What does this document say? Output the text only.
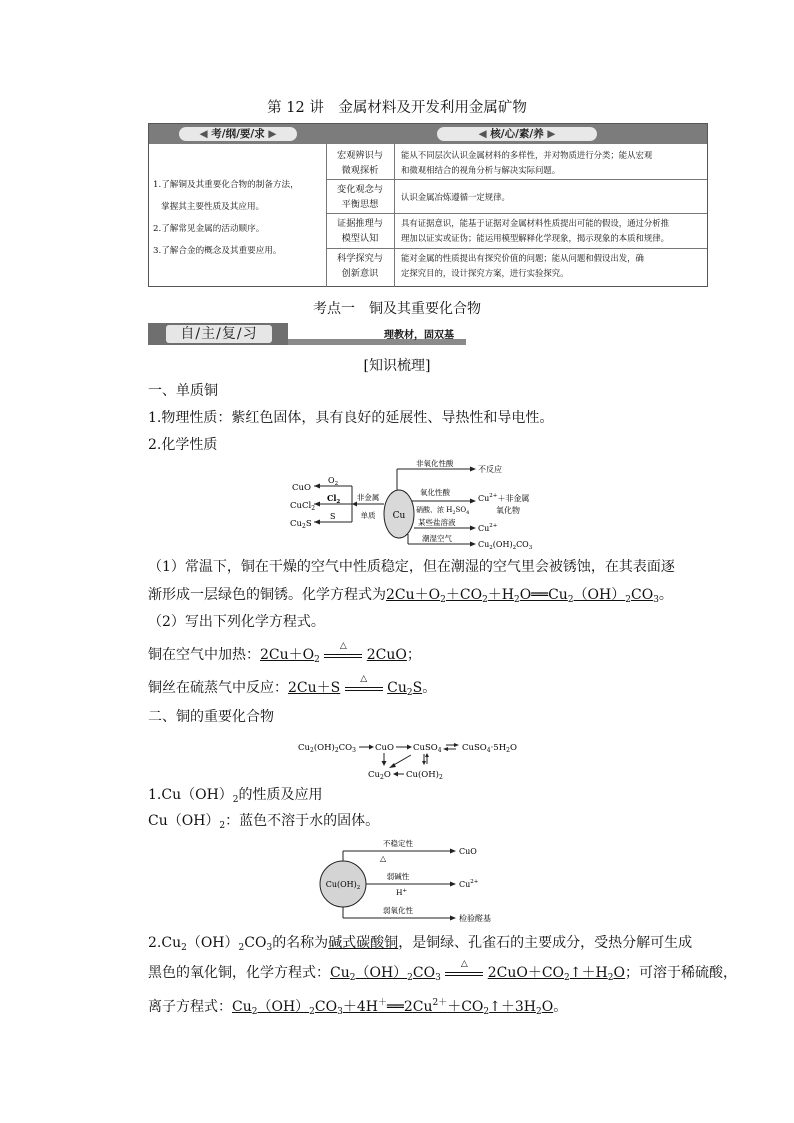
第 12 讲　金属材料及开发利用金属矿物
◀ 考/纲/要/求 ▶	◀ 核/心/素/养 ▶
1.了解铜及其重要化合物的制备方法，
掌握其主要性质及其应用。
2.了解常见金属的活动顺序。
3.了解合金的概念及其重要应用。
宏观辨识与
微观探析
能从不同层次认识金属材料的多样性，并对物质进行分类；能从宏观
和微观相结合的视角分析与解决实际问题。
变化观念与
平衡思想
认识金属冶炼遵循一定规律。
证据推理与
模型认知
具有证据意识，能基于证据对金属材料性质提出可能的假设，通过分析推
理加以证实或证伪；能运用模型解释化学现象，揭示现象的本质和规律。
科学探究与
创新意识
能对金属的性质提出有探究价值的问题；能从问题和假设出发，确
定探究目的，设计探究方案，进行实验探究。
考点一　铜及其重要化合物
自/主/复/习	理教材，固双基
[知识梳理]
一、单质铜
1.物理性质：紫红色固体，具有良好的延展性、导热性和导电性。
2.化学性质
Cu
CuO
CuCl$_2$
$Cu_2S$
$O_2$
$Cl_2$
S
非金属
单质
非氧化性酸
氧化性酸
硝酸、浓 $H_2SO_4$
某些盐溶液
潮湿空气
不反应
$Cu^{2+}+$非金属
氧化物
$Cu^{2+}$
$Cu_2(OH)_2CO_3$
（1）常温下，铜在干燥的空气中性质稳定，但在潮湿的空气里会被锈蚀，在其表面逐
渐形成一层绿色的铜锈。化学方程式为$2Cu+O_2+CO_2+H_2O══Cu_2(OH)_2CO_3$。
（2）写出下列化学方程式。
铜在空气中加热：$2Cu+O_2$
△
2CuO；
铜丝在硫蒸气中反应：2Cu＋S
△
$Cu_2S$。
二、铜的重要化合物
$Cu_2(OH)_2CO_3$ CuO CuSO$_4$ $CuSO_4\cdot 5H_2O$
$Cu_2O$ $Cu(OH)_2$
$1.Cu(OH)_2$的性质及应用
$Cu(OH)_2$：蓝色不溶于水的固体。
$Cu(OH)_2$
不稳定性
△
弱碱性
H+
弱氧化性
CuO
$Cu^{2+}$
检验醛基
$2.Cu_2(OH)_2CO_3$的名称为碱式碳酸铜，是铜绿、孔雀石的主要成分，受热分解可生成
黑色的氧化铜，化学方程式：$Cu_2(OH)_2CO_3$
△
$2CuO+CO_2↑+H_2O$；可溶于稀硫酸，
离子方程式：$Cu_2(OH)_2CO_3+4H^+══2Cu^{2+}+CO_2↑+3H_2O$。
